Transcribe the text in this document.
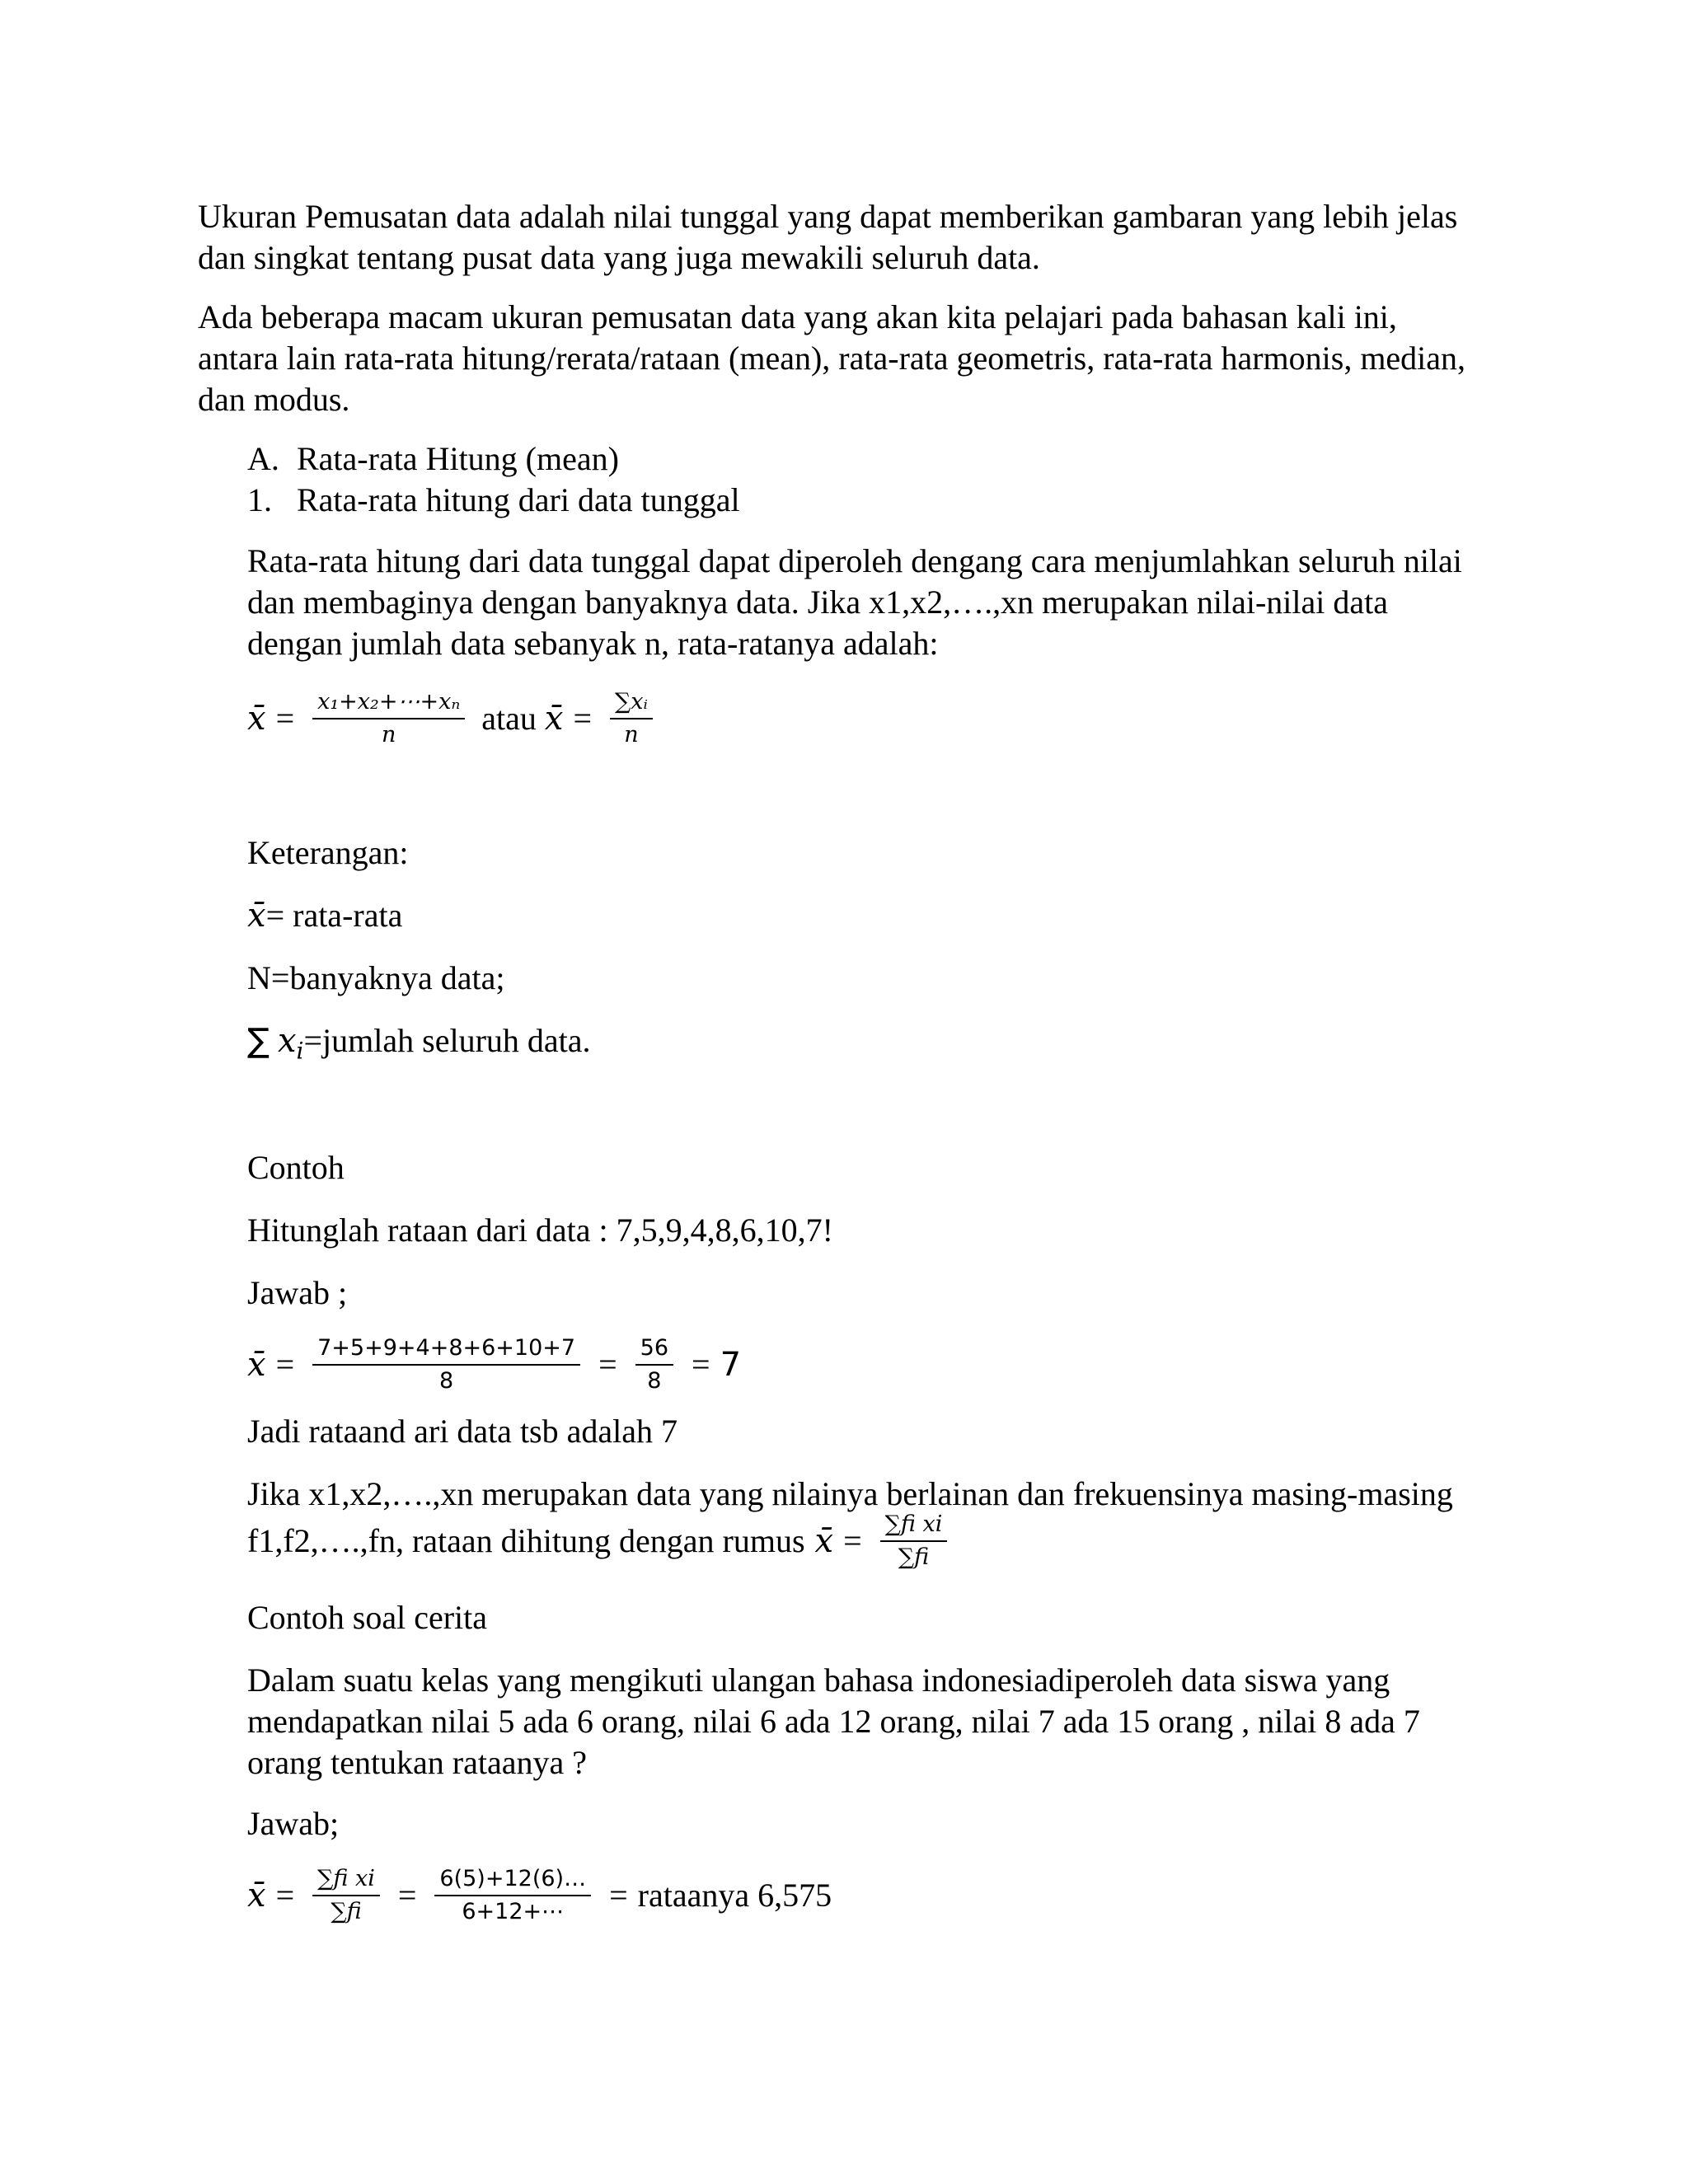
Ukuran Pemusatan data adalah nilai tunggal yang dapat memberikan gambaran yang lebih jelas
dan singkat tentang pusat data yang juga mewakili seluruh data.
Ada beberapa macam ukuran pemusatan data yang akan kita pelajari pada bahasan kali ini,
antara lain rata-rata hitung/rerata/rataan (mean), rata-rata geometris, rata-rata harmonis, median,
dan modus.
A. Rata-rata Hitung (mean)
1. Rata-rata hitung dari data tunggal
Rata-rata hitung dari data tunggal dapat diperoleh dengang cara menjumlahkan seluruh nilai
dan membaginya dengan banyaknya data. Jika x1,x2,….,xn merupakan nilai-nilai data
dengan jumlah data sebanyak n, rata-ratanya adalah:
x̄ = $\frac{\text{x₁+x₂+⋯+xₙ}}{n}$ atau x̄ = $\frac{\text{∑xᵢ}}{n}$
Keterangan:
x̄= rata-rata
N=banyaknya data;
∑ $x_i=jumlah$ seluruh data.
Contoh
Hitunglah rataan dari data : 7,5,9,4,8,6,10,7!
Jawab ;
x̄ = $\frac{7+5+9+4+8+6+10+7}{8} = \frac{56}{8} = 7$
Jadi rataand ari data tsb adalah 7
Jika x1,x2,….,xn merupakan data yang nilainya berlainan dan frekuensinya masing-masing
f1,f2,….,fn, rataan dihitung dengan rumus x̄ = $\frac{\text{∑fi xi}}{\sum fi}$
Contoh soal cerita
Dalam suatu kelas yang mengikuti ulangan bahasa indonesiadiperoleh data siswa yang
mendapatkan nilai 5 ada 6 orang, nilai 6 ada 12 orang, nilai 7 ada 15 orang , nilai 8 ada 7
orang tentukan rataanya ?
Jawab;
x̄ = $\frac{\text{∑fi xi}}{\sum fi} = \frac{6(5)+12(6)\dots}{6+12+\cdots}$ = rataanya 6,575
